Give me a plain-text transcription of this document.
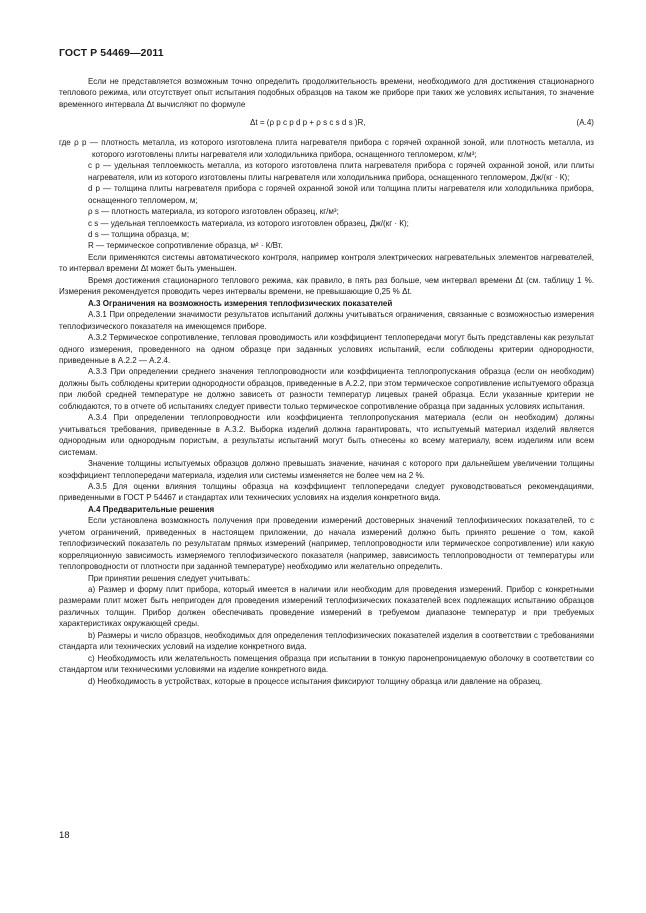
ГОСТ Р 54469—2011

Если не представляется возможным точно определить продолжительность времени, необходимого для достижения стационарного теплового режима, или отсутствует опыт испытания подобных образцов на таком же приборе при таких же условиях испытания, то значение временного интервала Δt вычисляют по формуле

Δt = (ρ p c p d p + ρ s c s d s )R,	(А.4)

где ρ p — плотность металла, из которого изготовлена плита нагревателя прибора с горячей охранной зоной, или плотность металла, из которого изготовлены плиты нагревателя или холодильника прибора, оснащенного тепломером, кг/м³;

c p — удельная теплоемкость металла, из которого изготовлена плита нагревателя прибора с горячей охранной зоной, или плиты нагревателя, или из которого изготовлены плиты нагревателя или холодильника прибора, оснащенного тепломером, Дж/(кг · К);

d p — толщина плиты нагревателя прибора с горячей охранной зоной или толщина плиты нагревателя или холодильника прибора, оснащенного тепломером, м;

ρ s — плотность материала, из которого изготовлен образец, кг/м³;

c s — удельная теплоемкость материала, из которого изготовлен образец, Дж/(кг · К);

d s — толщина образца, м;

R — термическое сопротивление образца, м² · К/Вт.

Если применяются системы автоматического контроля, например контроля электрических нагревательных элементов нагревателей, то интервал времени Δt может быть уменьшен.

Время достижения стационарного теплового режима, как правило, в пять раз больше, чем интервал времени Δt (см. таблицу 1 %. Измерения рекомендуется проводить через интервалы времени, не превышающие 0,25 % Δt.

А.3 Ограничения на возможность измерения теплофизических показателей

А.3.1 При определении значимости результатов испытаний должны учитываться ограничения, связанные с возможностью измерения теплофизического показателя на имеющемся приборе.

А.3.2 Термическое сопротивление, тепловая проводимость или коэффициент теплопередачи могут быть представлены как результат одного измерения, проведенного на одном образце при заданных условиях испытаний, если соблюдены критерии однородности, приведенные в А.2.2 — А.2.4.

А.3.3 При определении среднего значения теплопроводности или коэффициента теплопропускания образца (если он необходим) должны быть соблюдены критерии однородности образцов, приведенные в А.2.2, при этом термическое сопротивление испытуемого образца при любой средней температуре не должно зависеть от разности температур лицевых граней образца. Если указанные критерии не соблюдаются, то в отчете об испытаниях следует привести только термическое сопротивление образца при заданных условиях испытания.

А.3.4 При определении теплопроводности или коэффициента теплопропускания материала (если он необходим) должны учитываться требования, приведенные в А.3.2. Выборка изделий должна гарантировать, что испытуемый материал изделий является однородным или однородным пористым, а результаты испытаний могут быть отнесены ко всему материалу, всем изделиям или всем системам.

Значение толщины испытуемых образцов должно превышать значение, начиная с которого при дальнейшем увеличении толщины коэффициент теплопередачи материала, изделия или системы изменяется не более чем на 2 %.

А.3.5 Для оценки влияния толщины образца на коэффициент теплопередачи следует руководствоваться рекомендациями, приведенными в ГОСТ Р 54467 и стандартах или технических условиях на изделия конкретного вида.

А.4 Предварительные решения

Если установлена возможность получения при проведении измерений достоверных значений теплофизических показателей, то с учетом ограничений, приведенных в настоящем приложении, до начала измерений должно быть принято решение о том, какой теплофизический показатель по результатам прямых измерений (например, теплопроводности или термическое сопротивление) или какую корреляционную зависимость измеряемого теплофизического показателя (например, зависимость теплопроводности от температуры или теплопроводности от плотности при заданной температуре) необходимо или желательно определить.

При принятии решения следует учитывать:

a) Размер и форму плит прибора, который имеется в наличии или необходим для проведения измерений. Прибор с конкретными размерами плит может быть непригоден для проведения измерений теплофизических показателей всех подлежащих испытанию образцов различных толщин. Прибор должен обеспечивать проведение измерений в требуемом диапазоне температур и при требуемых характеристиках окружающей среды.

b) Размеры и число образцов, необходимых для определения теплофизических показателей изделия в соответствии с требованиями стандарта или технических условий на изделие конкретного вида.

c) Необходимость или желательность помещения образца при испытании в тонкую паронепроницаемую оболочку в соответствии со стандартом или техническими условиями на изделие конкретного вида.

d) Необходимость в устройствах, которые в процессе испытания фиксируют толщину образца или давление на образец.

18
